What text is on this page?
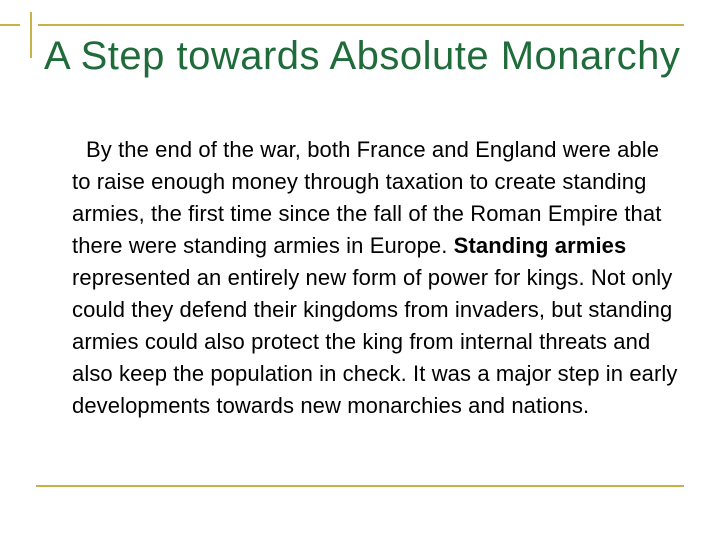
A Step towards Absolute Monarchy

By the end of the war, both France and England were able to raise enough money through taxation to create standing armies, the first time since the fall of the Roman Empire that there were standing armies in Europe. Standing armies represented an entirely new form of power for kings. Not only could they defend their kingdoms from invaders, but standing armies could also protect the king from internal threats and also keep the population in check. It was a major step in early developments towards new monarchies and nations.
